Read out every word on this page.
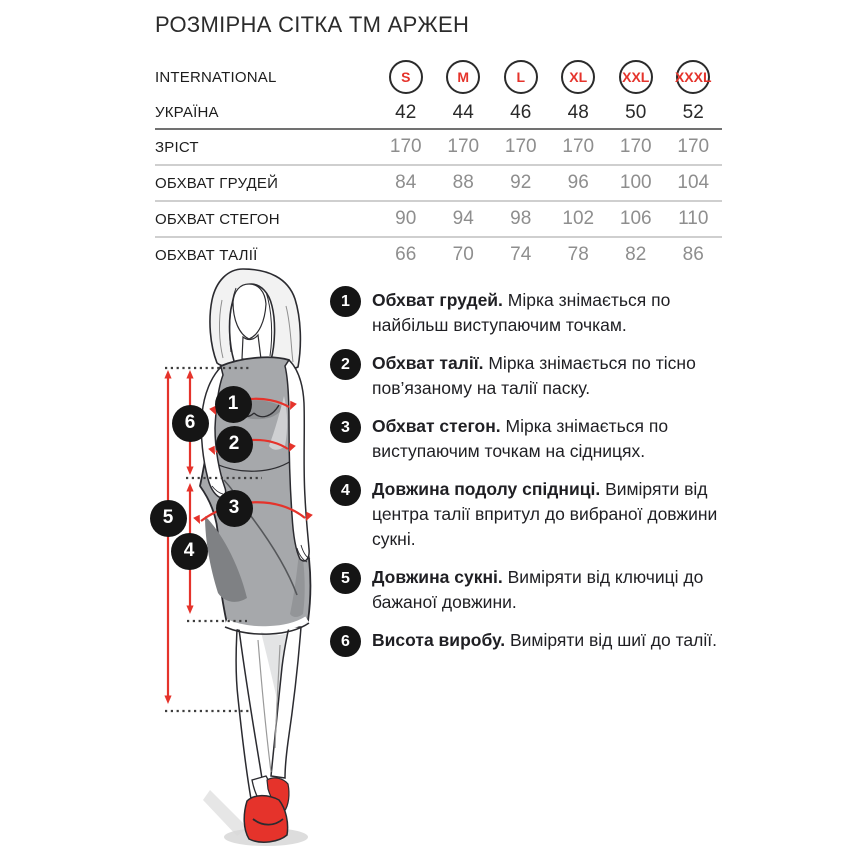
РОЗМІРНА СІТКА ТМ АРЖЕН
INTERNATIONAL	S	M	L	XL	XXL XXXL
УКРАЇНА	42 44 46 48 50 52
ЗРІСТ	170 170 170 170 170 170
ОБХВАТ ГРУДЕЙ	84 88 92 96 100 104
ОБХВАТ СТЕГОН	90 94 98 102 106 110
ОБХВАТ ТАЛІЇ	66 70 74 78 82 86
1
2
3
4
5
6
1	Обхват грудей. Мірка знімається по найбільш виступаючим точкам.

2	Обхват талії. Мірка знімається по тісно пов’язаному на талії паску.

3	Обхват стегон. Мірка знімається по виступаючим точкам на сідницях.

4	Довжина подолу спідниці. Виміряти від центра талії впритул до вибраної довжини сукні.

5	Довжина сукні. Виміряти від ключиці до бажаної довжини.

6	Висота виробу. Виміряти від шиї до талії.
